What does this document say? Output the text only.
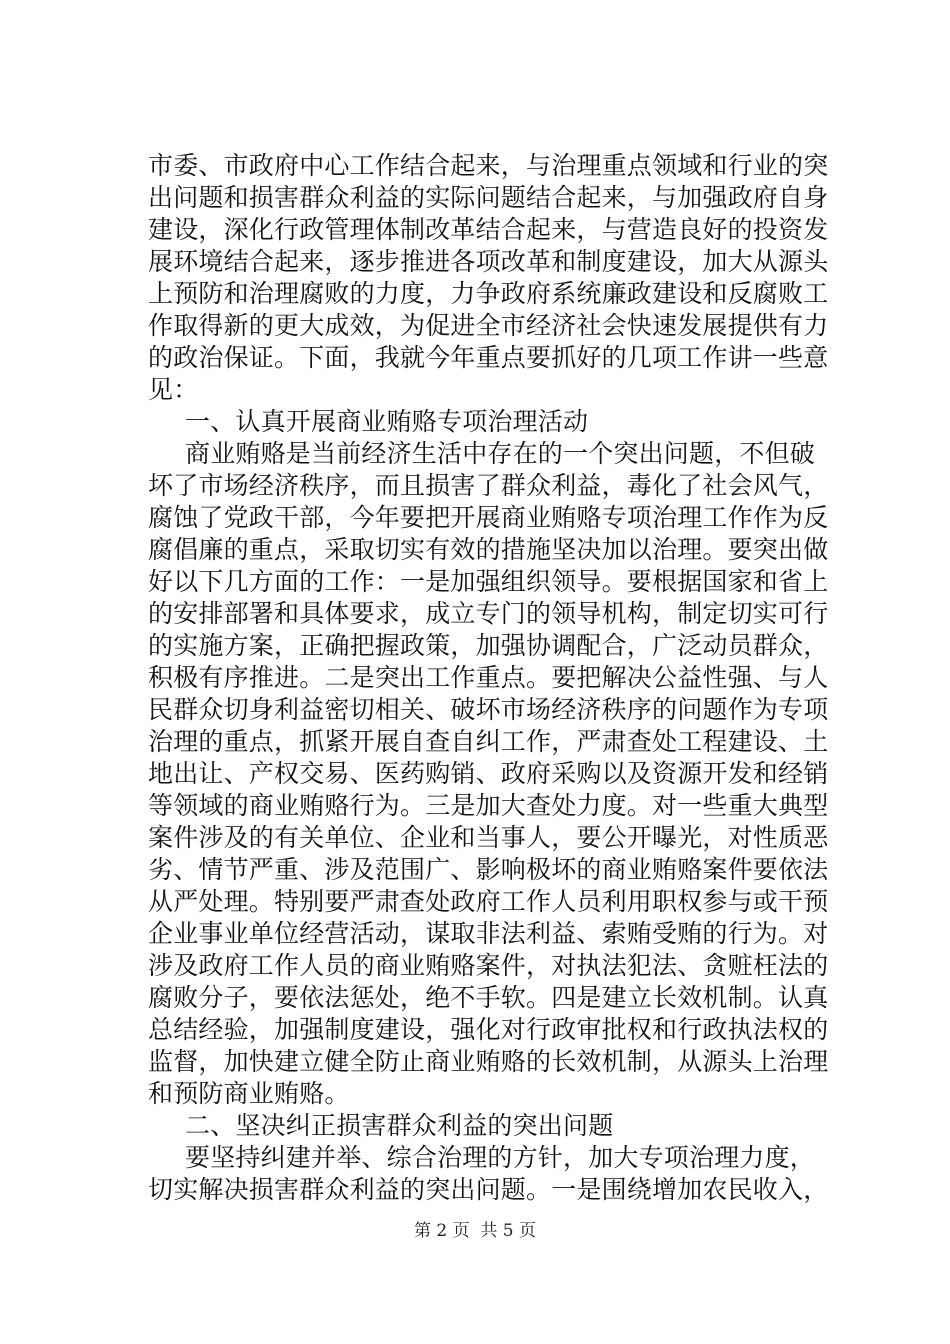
市委、市政府中心工作结合起来，与治理重点领域和行业的突
出问题和损害群众利益的实际问题结合起来，与加强政府自身
建设，深化行政管理体制改革结合起来，与营造良好的投资发
展环境结合起来，逐步推进各项改革和制度建设，加大从源头
上预防和治理腐败的力度，力争政府系统廉政建设和反腐败工
作取得新的更大成效，为促进全市经济社会快速发展提供有力
的政治保证。下面，我就今年重点要抓好的几项工作讲一些意
见：
一、认真开展商业贿赂专项治理活动
商业贿赂是当前经济生活中存在的一个突出问题，不但破
坏了市场经济秩序，而且损害了群众利益，毒化了社会风气，
腐蚀了党政干部，今年要把开展商业贿赂专项治理工作作为反
腐倡廉的重点，采取切实有效的措施坚决加以治理。要突出做
好以下几方面的工作：一是加强组织领导。要根据国家和省上
的安排部署和具体要求，成立专门的领导机构，制定切实可行
的实施方案，正确把握政策，加强协调配合，广泛动员群众，
积极有序推进。二是突出工作重点。要把解决公益性强、与人
民群众切身利益密切相关、破坏市场经济秩序的问题作为专项
治理的重点，抓紧开展自查自纠工作，严肃查处工程建设、土
地出让、产权交易、医药购销、政府采购以及资源开发和经销
等领域的商业贿赂行为。三是加大查处力度。对一些重大典型
案件涉及的有关单位、企业和当事人，要公开曝光，对性质恶
劣、情节严重、涉及范围广、影响极坏的商业贿赂案件要依法
从严处理。特别要严肃查处政府工作人员利用职权参与或干预
企业事业单位经营活动，谋取非法利益、索贿受贿的行为。对
涉及政府工作人员的商业贿赂案件，对执法犯法、贪赃枉法的
腐败分子，要依法惩处，绝不手软。四是建立长效机制。认真
总结经验，加强制度建设，强化对行政审批权和行政执法权的
监督，加快建立健全防止商业贿赂的长效机制，从源头上治理
和预防商业贿赂。
二、坚决纠正损害群众利益的突出问题
要坚持纠建并举、综合治理的方针，加大专项治理力度，
切实解决损害群众利益的突出问题。一是围绕增加农民收入，
第 2 页  共 5 页
